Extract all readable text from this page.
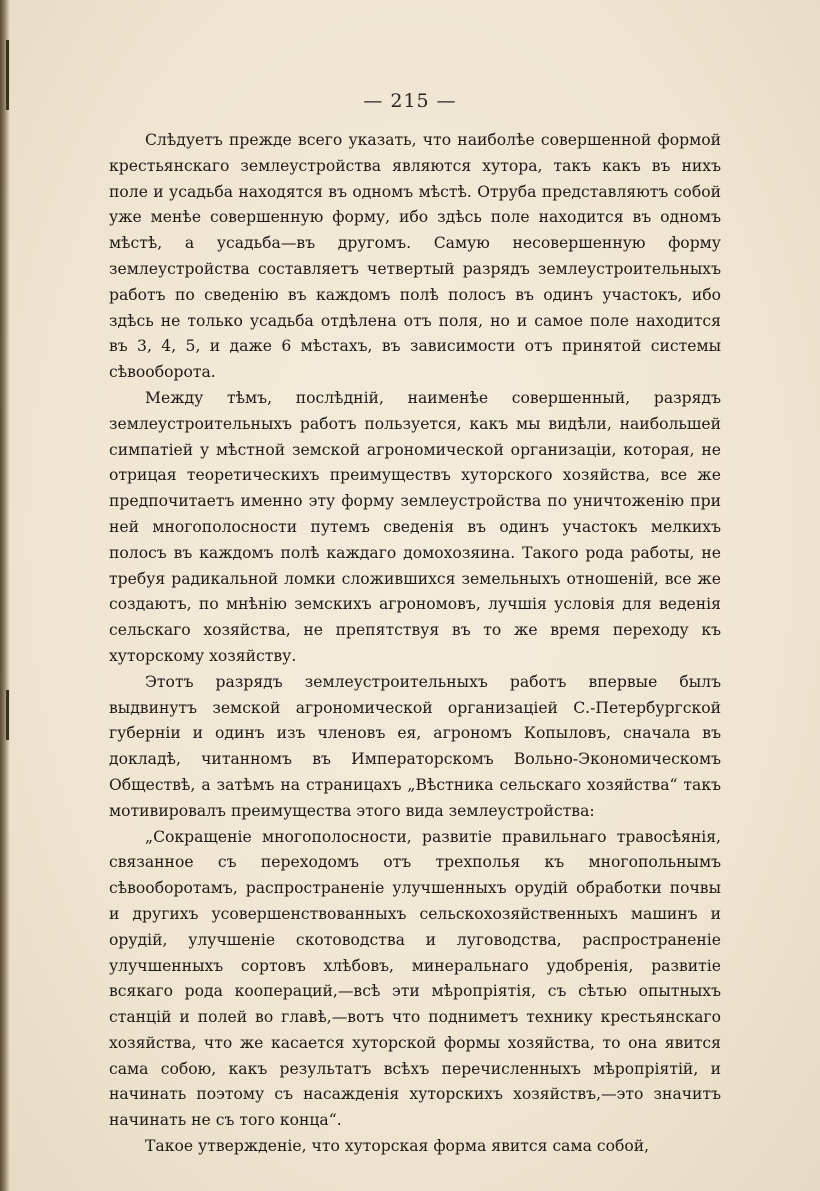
— 215 —

Слѣдуетъ прежде всего указать, что наиболѣе совершенной формой крестьянскаго землеустройства являются хутора, такъ какъ въ нихъ поле и усадьба находятся въ одномъ мѣстѣ. Отруба представляютъ собой уже менѣе совершенную форму, ибо здѣсь поле находится въ одномъ мѣстѣ, а усадьба—въ другомъ. Самую несовершенную форму землеустройства составляетъ четвертый разрядъ землеустроительныхъ работъ по сведенію въ каждомъ полѣ полосъ въ одинъ участокъ, ибо здѣсь не только усадьба отдѣлена отъ поля, но и самое поле находится въ 3, 4, 5, и даже 6 мѣстахъ, въ зависимости отъ принятой системы сѣвооборота.

Между тѣмъ, послѣдній, наименѣе совершенный, разрядъ землеустроительныхъ работъ пользуется, какъ мы видѣли, наибольшей симпатіей у мѣстной земской агрономической организаціи, которая, не отрицая теоретическихъ преимуществъ хуторского хозяйства, все же предпочитаетъ именно эту форму землеустройства по уничтоженію при ней многополосности путемъ сведенія въ одинъ участокъ мелкихъ полосъ въ каждомъ полѣ каждаго домохозяина. Такого рода работы, не требуя радикальной ломки сложившихся земельныхъ отношеній, все же создаютъ, по мнѣнію земскихъ агрономовъ, лучшія условія для веденія сельскаго хозяйства, не препятствуя въ то же время переходу къ хуторскому хозяйству.

Этотъ разрядъ землеустроительныхъ работъ впервые былъ выдвинутъ земской агрономической организаціей С.-Петербургской губерніи и одинъ изъ членовъ ея, агрономъ Копыловъ, сначала въ докладѣ, читанномъ въ Императорскомъ Вольно-Экономическомъ Обществѣ, а затѣмъ на страницахъ „Вѣстника сельскаго хозяйства“ такъ мотивировалъ преимущества этого вида землеустройства:

„Сокращеніе многополосности, развитіе правильнаго травосѣянія, связанное съ переходомъ отъ трехполья къ многопольнымъ сѣвооборотамъ, распространеніе улучшенныхъ орудій обработки почвы и другихъ усовершенствованныхъ сельскохозяйственныхъ машинъ и орудій, улучшеніе скотоводства и луговодства, распространеніе улучшенныхъ сортовъ хлѣбовъ, минеральнаго удобренія, развитіе всякаго рода коопераций,—всѣ эти мѣропріятія, съ сѣтью опытныхъ станцій и полей во главѣ,—вотъ что подниметъ технику крестьянскаго хозяйства, что же касается хуторской формы хозяйства, то она явится сама собою, какъ результатъ всѣхъ перечисленныхъ мѣропріятій, и начинать поэтому съ насажденія хуторскихъ хозяйствъ,—это значитъ начинать не съ того конца“.

Такое утвержденіе, что хуторская форма явится сама собой,
